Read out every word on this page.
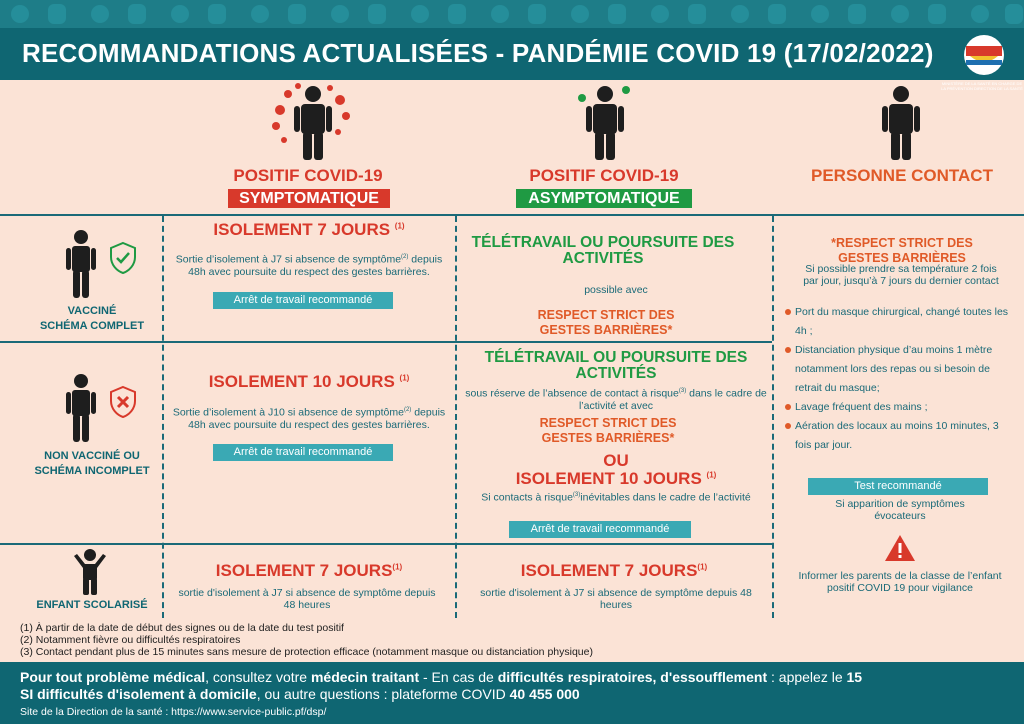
RECOMMANDATIONS ACTUALISÉES - PANDÉMIE COVID 19 (17/02/2022)
MINISTÈRE DE LA SANTÉ EN CHARGE DE LA PRÉVENTION DIRECTION DE LA SANTÉ
POSITIF COVID-19
SYMPTOMATIQUE
POSITIF COVID-19
ASYMPTOMATIQUE
PERSONNE CONTACT
VACCINÉ
SCHÉMA COMPLET
ISOLEMENT 7 JOURS $^{(1)}$
Sortie d’isolement à J7 si absence de symptôme$^{(2)}$ depuis 48h avec poursuite du respect des gestes barrières.
Arrêt de travail recommandé
TÉLÉTRAVAIL OU POURSUITE DES ACTIVITÉS
possible avec
RESPECT STRICT DES GESTES BARRIÈRES*
*RESPECT STRICT DES GESTES BARRIÈRES
Si possible prendre sa température 2 fois par jour, jusqu’à 7 jours du dernier contact
Port du masque chirurgical, changé toutes les 4h ;
Distanciation physique d’au moins 1 mètre notamment lors des repas ou si besoin de retrait du masque;
Lavage fréquent des mains ;
Aération des locaux au moins 10 minutes, 3 fois par jour.
Test recommandé
Si apparition de symptômes évocateurs
Informer les parents de la classe de l’enfant positif COVID 19 pour vigilance
NON VACCINÉ OU
SCHÉMA INCOMPLET
ISOLEMENT 10 JOURS $^{(1)}$
Sortie d’isolement à J10 si absence de symptôme$^{(2)}$ depuis 48h avec poursuite du respect des gestes barrières.
Arrêt de travail recommandé
TÉLÉTRAVAIL OU POURSUITE DES ACTIVITÉS
sous réserve de l’absence de contact à risque$^{(3)}$ dans le cadre de l’activité et avec
RESPECT STRICT DES GESTES BARRIÈRES*
OU
ISOLEMENT 10 JOURS $^{(1)}$
Si contacts à risque$^{(3)}$inévitables dans le cadre de l’activité
Arrêt de travail recommandé
ENFANT SCOLARISÉ
ISOLEMENT 7 JOURS$^{(1)}$
sortie d'isolement à J7 si absence de symptôme depuis 48 heures
ISOLEMENT 7 JOURS$^{(1)}$
sortie d'isolement à J7 si absence de symptôme depuis 48 heures
(1) À partir de la date de début des signes ou de la date du test positif
(2) Notamment fièvre ou difficultés respiratoires
(3) Contact pendant plus de 15 minutes sans mesure de protection efficace (notamment masque ou distanciation physique)
Pour tout problème médical, consultez votre médecin traitant - En cas de difficultés respiratoires, d'essoufflement : appelez le 15
SI difficultés d'isolement à domicile, ou autre questions : plateforme COVID 40 455 000
Site de la Direction de la santé : https://www.service-public.pf/dsp/
